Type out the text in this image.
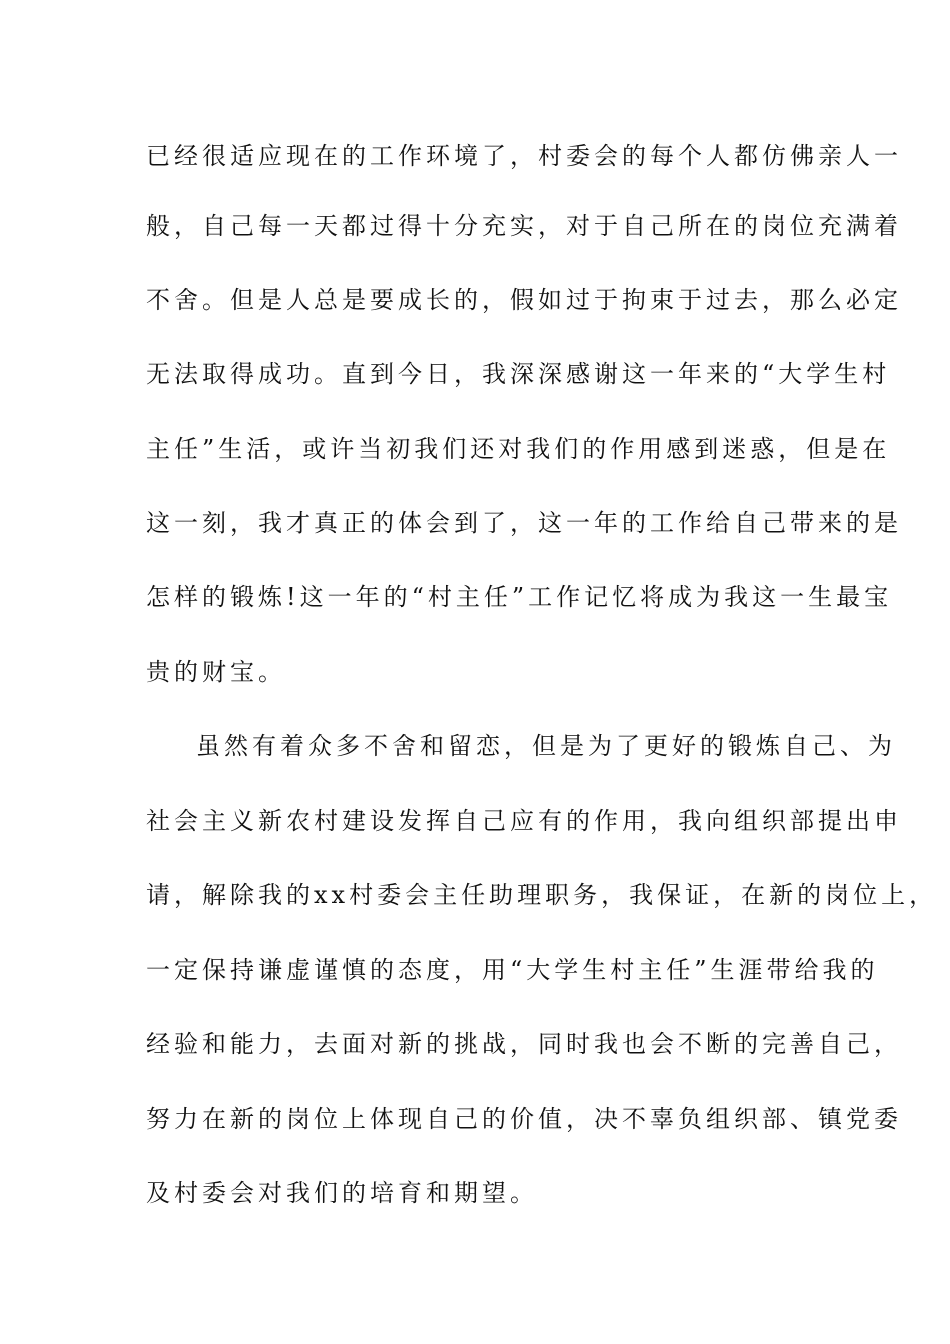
已经很适应现在的工作环境了，村委会的每个人都仿佛亲人一
般，自己每一天都过得十分充实，对于自己所在的岗位充满着
不舍。但是人总是要成长的，假如过于拘束于过去，那么必定
无法取得成功。直到今日，我深深感谢这一年来的“大学生村
主任”生活，或许当初我们还对我们的作用感到迷惑，但是在
这一刻，我才真正的体会到了，这一年的工作给自己带来的是
怎样的锻炼!这一年的“村主任”工作记忆将成为我这一生最宝
贵的财宝。
虽然有着众多不舍和留恋，但是为了更好的锻炼自己、为
社会主义新农村建设发挥自己应有的作用，我向组织部提出申
请，解除我的xx村委会主任助理职务，我保证，在新的岗位上，
一定保持谦虚谨慎的态度，用“大学生村主任”生涯带给我的
经验和能力，去面对新的挑战，同时我也会不断的完善自己，
努力在新的岗位上体现自己的价值，决不辜负组织部、镇党委
及村委会对我们的培育和期望。
